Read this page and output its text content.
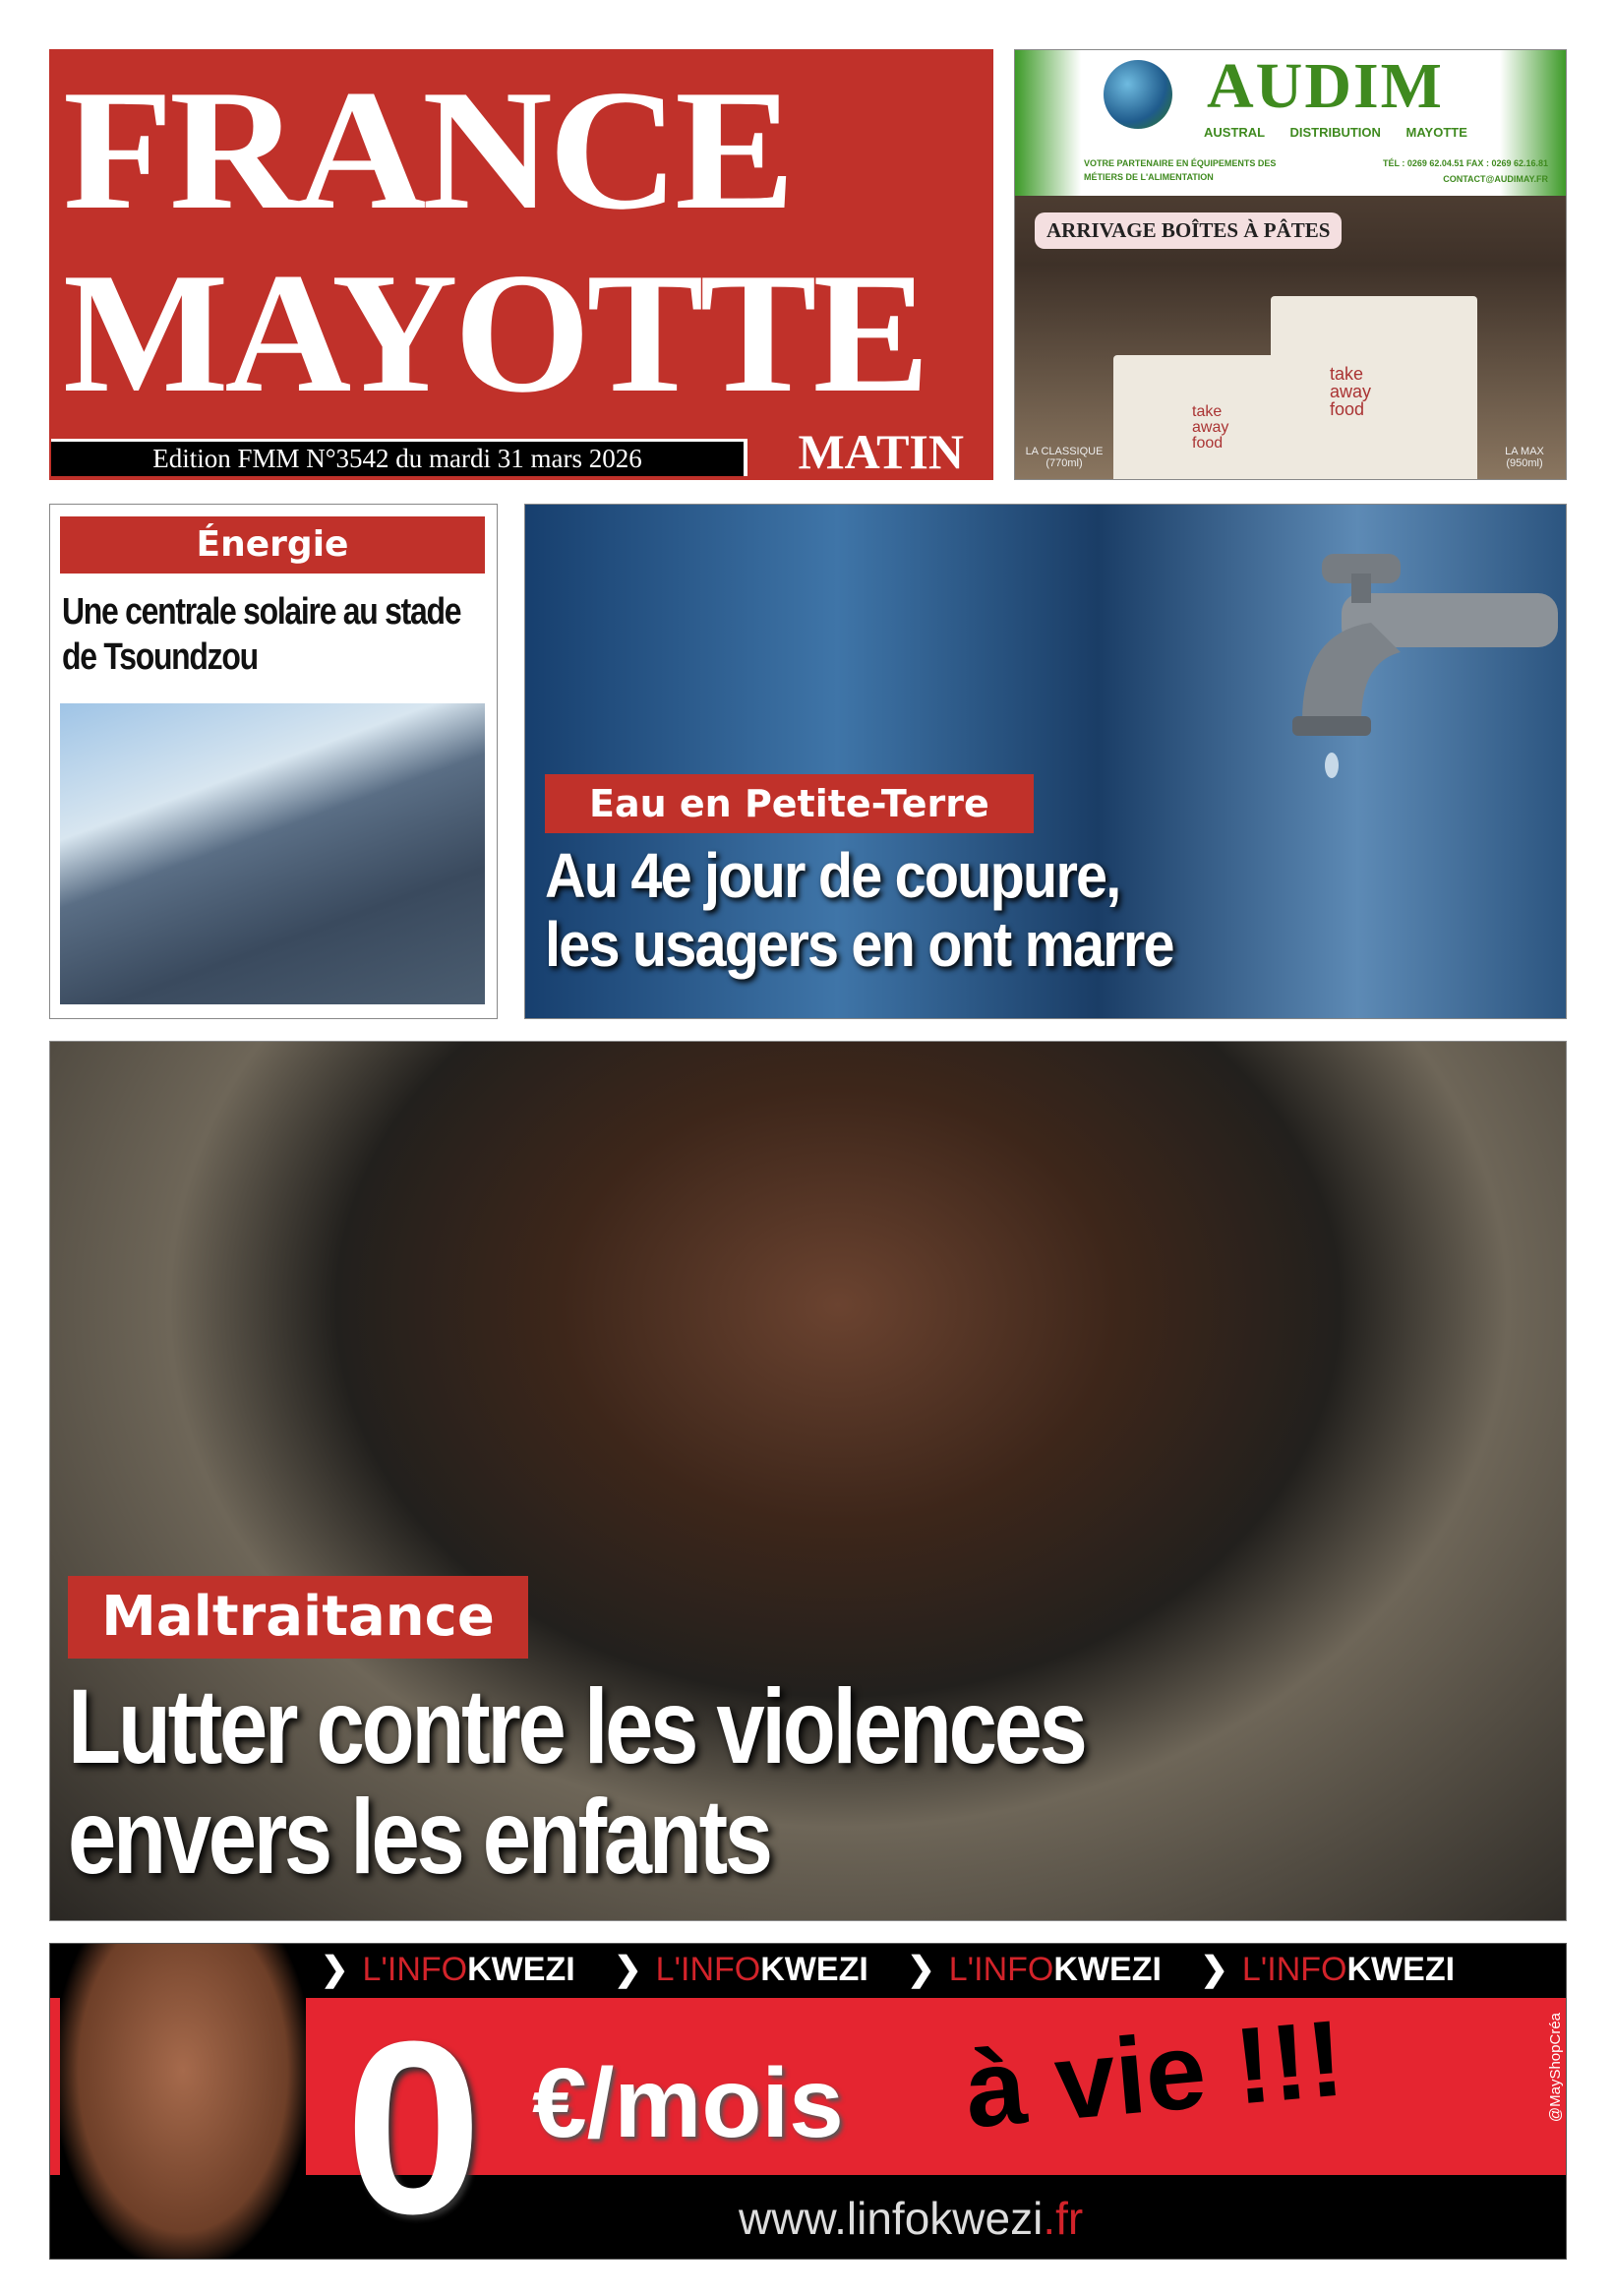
FRANCE
MAYOTTE
Edition FMM N°3542 du mardi 31 mars 2026	MATIN
AUDIM
AUSTRAL DISTRIBUTION MAYOTTE
VOTRE PARTENAIRE EN ÉQUIPEMENTS DES MÉTIERS DE L'ALIMENTATION
TÉL : 0269 62.04.51 FAX : 0269 62.16.81
CONTACT@AUDIMAY.FR
ARRIVAGE BOÎTES À PÂTES
take away food
take away food
LA CLASSIQUE (770ml)
LA MAX (950ml)
Énergie
Une centrale solaire au stade de Tsoundzou
Eau en Petite-Terre
Au 4e jour de coupure,
les usagers en ont marre
Maltraitance
Lutter contre les violences
envers les enfants
❯ L'INFOKWEZI ❯ L'INFOKWEZI ❯ L'INFOKWEZI ❯ L'INFOKWEZI
0 €/mois à vie !!!	@MayShopCréa
www.linfokwezi.fr
